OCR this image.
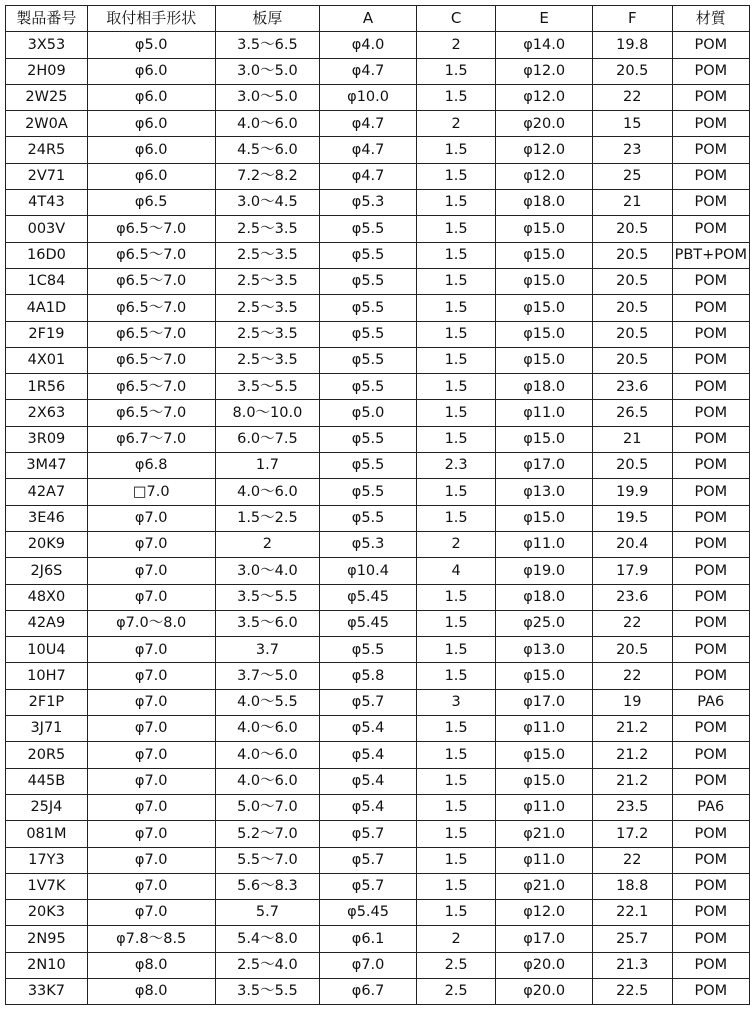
製品番号	取付相手形状	板厚	A	C	E	F	材質
3X53	φ5.0	3.5〜6.5	φ4.0	2	φ14.0	19.8	POM
2H09	φ6.0	3.0〜5.0	φ4.7	1.5	φ12.0	20.5	POM
2W25	φ6.0	3.0〜5.0	φ10.0	1.5	φ12.0	22	POM
2W0A	φ6.0	4.0〜6.0	φ4.7	2	φ20.0	15	POM
24R5	φ6.0	4.5〜6.0	φ4.7	1.5	φ12.0	23	POM
2V71	φ6.0	7.2〜8.2	φ4.7	1.5	φ12.0	25	POM
4T43	φ6.5	3.0〜4.5	φ5.3	1.5	φ18.0	21	POM
003V	φ6.5〜7.0	2.5〜3.5	φ5.5	1.5	φ15.0	20.5	POM
16D0	φ6.5〜7.0	2.5〜3.5	φ5.5	1.5	φ15.0	20.5	PBT+POM
1C84	φ6.5〜7.0	2.5〜3.5	φ5.5	1.5	φ15.0	20.5	POM
4A1D	φ6.5〜7.0	2.5〜3.5	φ5.5	1.5	φ15.0	20.5	POM
2F19	φ6.5〜7.0	2.5〜3.5	φ5.5	1.5	φ15.0	20.5	POM
4X01	φ6.5〜7.0	2.5〜3.5	φ5.5	1.5	φ15.0	20.5	POM
1R56	φ6.5〜7.0	3.5〜5.5	φ5.5	1.5	φ18.0	23.6	POM
2X63	φ6.5〜7.0	8.0〜10.0	φ5.0	1.5	φ11.0	26.5	POM
3R09	φ6.7〜7.0	6.0〜7.5	φ5.5	1.5	φ15.0	21	POM
3M47	φ6.8	1.7	φ5.5	2.3	φ17.0	20.5	POM
42A7	□7.0	4.0〜6.0	φ5.5	1.5	φ13.0	19.9	POM
3E46	φ7.0	1.5〜2.5	φ5.5	1.5	φ15.0	19.5	POM
20K9	φ7.0	2	φ5.3	2	φ11.0	20.4	POM
2J6S	φ7.0	3.0〜4.0	φ10.4	4	φ19.0	17.9	POM
48X0	φ7.0	3.5〜5.5	φ5.45	1.5	φ18.0	23.6	POM
42A9	φ7.0〜8.0	3.5〜6.0	φ5.45	1.5	φ25.0	22	POM
10U4	φ7.0	3.7	φ5.5	1.5	φ13.0	20.5	POM
10H7	φ7.0	3.7〜5.0	φ5.8	1.5	φ15.0	22	POM
2F1P	φ7.0	4.0〜5.5	φ5.7	3	φ17.0	19	PA6
3J71	φ7.0	4.0〜6.0	φ5.4	1.5	φ11.0	21.2	POM
20R5	φ7.0	4.0〜6.0	φ5.4	1.5	φ15.0	21.2	POM
445B	φ7.0	4.0〜6.0	φ5.4	1.5	φ15.0	21.2	POM
25J4	φ7.0	5.0〜7.0	φ5.4	1.5	φ11.0	23.5	PA6
081M	φ7.0	5.2〜7.0	φ5.7	1.5	φ21.0	17.2	POM
17Y3	φ7.0	5.5〜7.0	φ5.7	1.5	φ11.0	22	POM
1V7K	φ7.0	5.6〜8.3	φ5.7	1.5	φ21.0	18.8	POM
20K3	φ7.0	5.7	φ5.45	1.5	φ12.0	22.1	POM
2N95	φ7.8〜8.5	5.4〜8.0	φ6.1	2	φ17.0	25.7	POM
2N10	φ8.0	2.5〜4.0	φ7.0	2.5	φ20.0	21.3	POM
33K7	φ8.0	3.5〜5.5	φ6.7	2.5	φ20.0	22.5	POM
